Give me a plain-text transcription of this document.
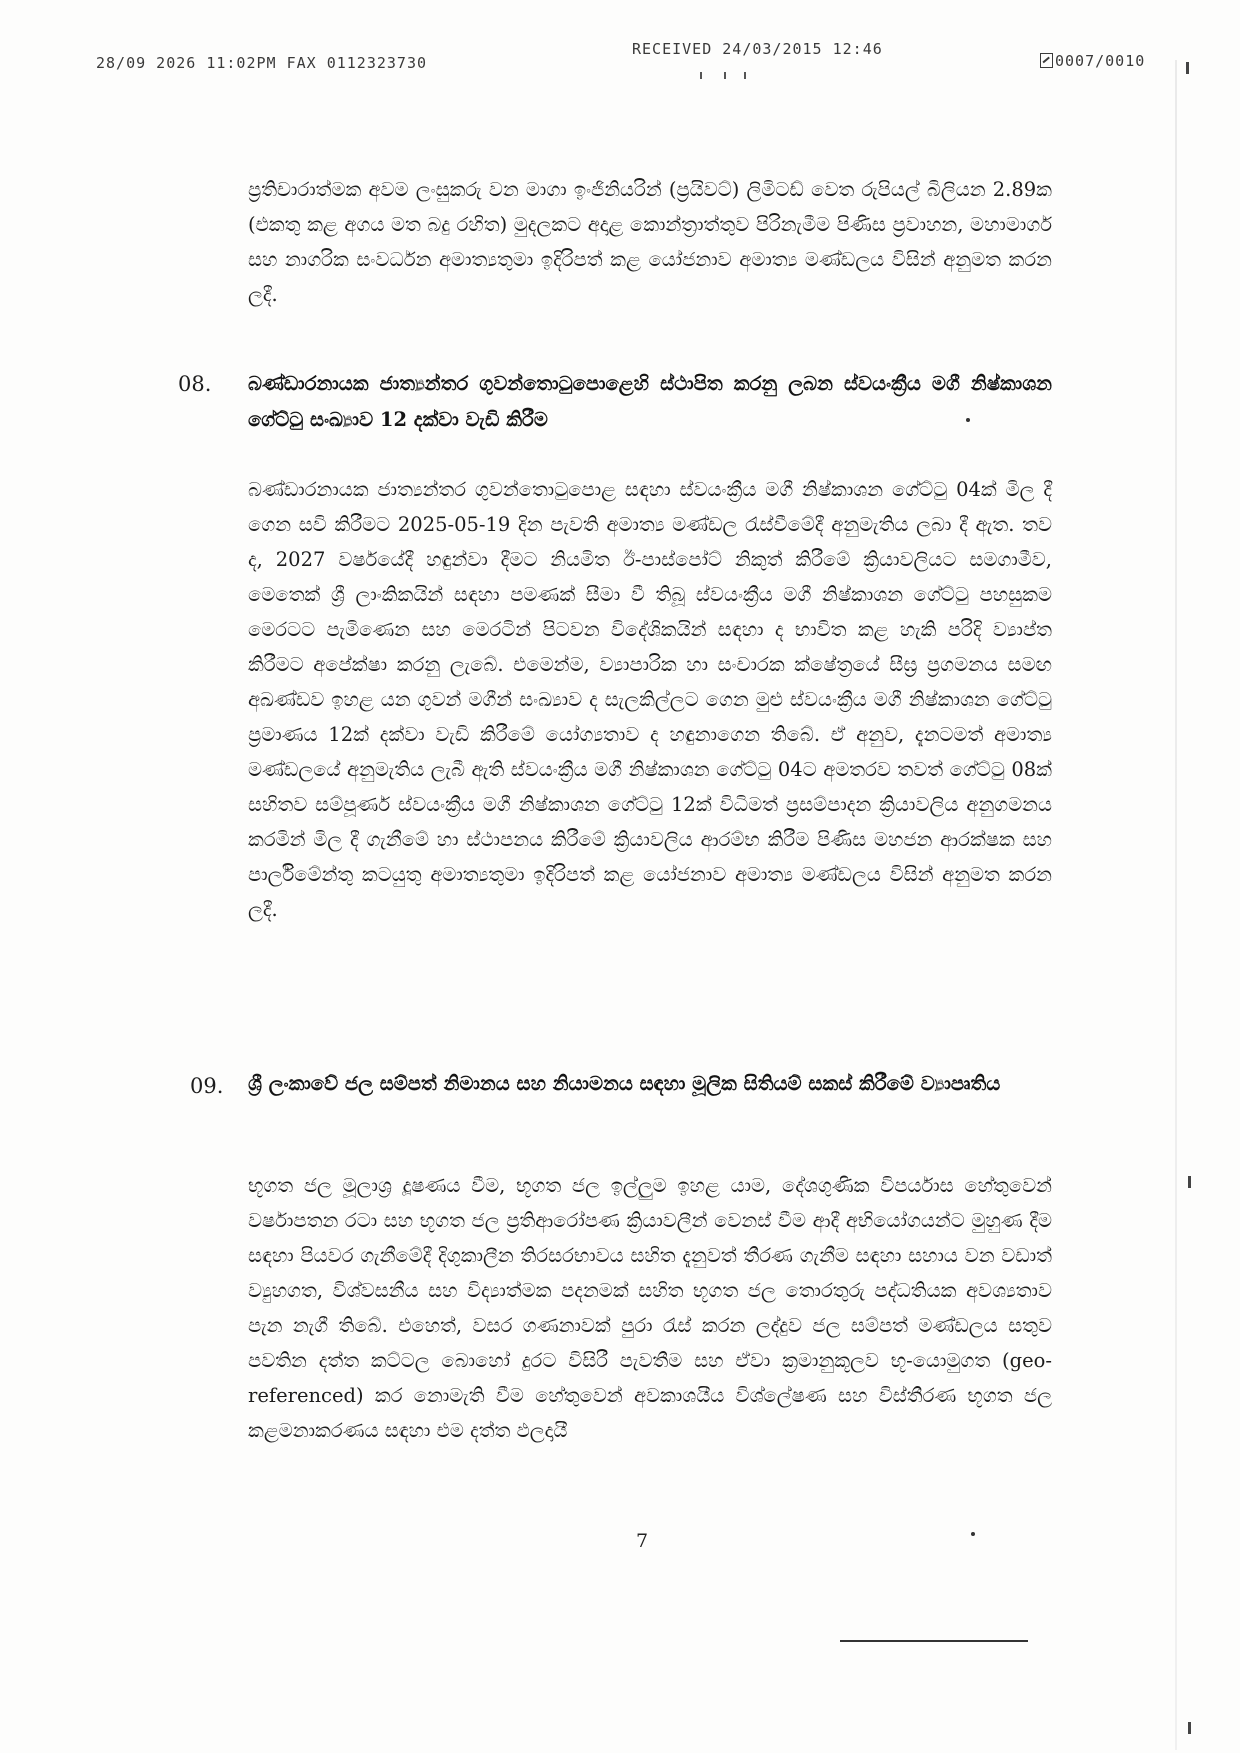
28/09 2026 11:02PM FAX 0112323730
RECEIVED 24/03/2015 12:46
0007/0010

ප්‍රතිචාරාත්මක අවම ලංසුකරු වන මාගා ඉංජිනියරින් (ප්‍රයිවට්) ලිමිටඩ් වෙත රුපියල් බිලියන 2.89ක (එකතු කළ අගය මත බදු රහිත) මුදලකට අදාළ කොන්ත්‍රාත්තුව පිරිනැමීම පිණිස ප්‍රවාහන, මහාමාර්ග සහ නාගරික සංවර්ධන අමාත්‍යතුමා ඉදිරිපත් කළ යෝජනාව අමාත්‍ය මණ්ඩලය විසින් අනුමත කරන ලදී.

08. බණ්ඩාරනායක ජාත්‍යන්තර ගුවන්තොටුපොළෙහි ස්ථාපිත කරනු ලබන ස්වයංක්‍රීය මගී නිෂ්කාශන ගේට්ටු සංඛ්‍යාව 12 දක්වා වැඩි කිරීම

බණ්ඩාරනායක ජාත්‍යන්තර ගුවන්තොටුපොළ සඳහා ස්වයංක්‍රීය මගී නිෂ්කාශන ගේට්ටු 04ක් මිල දී ගෙන සවි කිරීමට 2025-05-19 දින පැවති අමාත්‍ය මණ්ඩල රැස්වීමේදී අනුමැතිය ලබා දී ඇත. තව ද, 2027 වර්ෂයේදී හඳුන්වා දීමට නියමිත ඊ-පාස්පෝට් නිකුත් කිරීමේ ක්‍රියාවලියට සමගාමීව, මෙතෙක් ශ්‍රී ලාංකිකයින් සඳහා පමණක් සීමා වී තිබූ ස්වයංක්‍රීය මගී නිෂ්කාශන ගේට්ටු පහසුකම මෙරටට පැමිණෙන සහ මෙරටින් පිටවන විදේශිකයින් සඳහා ද භාවිත කළ හැකි පරිදි ව්‍යාප්ත කිරීමට අපේක්ෂා කරනු ලැබේ. එමෙන්ම, ව්‍යාපාරික හා සංචාරක ක්ෂේත්‍රයේ සීඝ්‍ර ප්‍රගමනය සමඟ අඛණ්ඩව ඉහළ යන ගුවන් මගීන් සංඛ්‍යාව ද සැලකිල්ලට ගෙන මුළු ස්වයංක්‍රීය මගී නිෂ්කාශන ගේට්ටු ප්‍රමාණය 12ක් දක්වා වැඩි කිරීමේ යෝග්‍යතාව ද හඳුනාගෙන තිබේ. ඒ අනුව, දැනටමත් අමාත්‍ය මණ්ඩලයේ අනුමැතිය ලැබී ඇති ස්වයංක්‍රීය මගී නිෂ්කාශන ගේට්ටු 04ට අමතරව තවත් ගේට්ටු 08ක් සහිතව සම්පූර්ණ ස්වයංක්‍රීය මගී නිෂ්කාශන ගේට්ටු 12ක් විධිමත් ප්‍රසම්පාදන ක්‍රියාවලිය අනුගමනය කරමින් මිල දී ගැනීමේ හා ස්ථාපනය කිරීමේ ක්‍රියාවලිය ආරම්භ කිරීම පිණිස මහජන ආරක්ෂක සහ පාර්ලිමේන්තු කටයුතු අමාත්‍යතුමා ඉදිරිපත් කළ යෝජනාව අමාත්‍ය මණ්ඩලය විසින් අනුමත කරන ලදී.

09. ශ්‍රී ලංකාවේ ජල සම්පත් නිමානය සහ නියාමනය සඳහා මූලික සිතියම් සකස් කිරීමේ ව්‍යාපෘතිය

භූගත ජල මූලාශ්‍ර දූෂණය වීම, භූගත ජල ඉල්ලුම ඉහළ යාම, දේශගුණික විපර්යාස හේතුවෙන් වර්ෂාපතන රටා සහ භූගත ජල ප්‍රතිආරෝපණ ක්‍රියාවලීන් වෙනස් වීම ආදී අභියෝගයන්ට මුහුණ දීම සඳහා පියවර ගැනීමේදී දිගුකාලීන තිරසරභාවය සහිත දැනුවත් තීරණ ගැනීම සඳහා සහාය වන වඩාත් ව්‍යුහගත, විශ්වසනීය සහ විද්‍යාත්මක පදනමක් සහිත භූගත ජල තොරතුරු පද්ධතියක අවශ්‍යතාව පැන නැගී තිබේ. එහෙත්, වසර ගණනාවක් පුරා රැස් කරන ලද්දුව ජල සම්පත් මණ්ඩලය සතුව පවතින දත්ත කට්ටල බොහෝ දුරට විසිරී පැවතීම සහ ඒවා ක්‍රමානුකූලව භූ-යොමුගත (geo-referenced) කර නොමැති වීම හේතුවෙන් අවකාශයීය විශ්ලේෂණ සහ විස්තීරණ භූගත ජල කළමනාකරණය සඳහා එම දත්ත ඵලදායී

7
